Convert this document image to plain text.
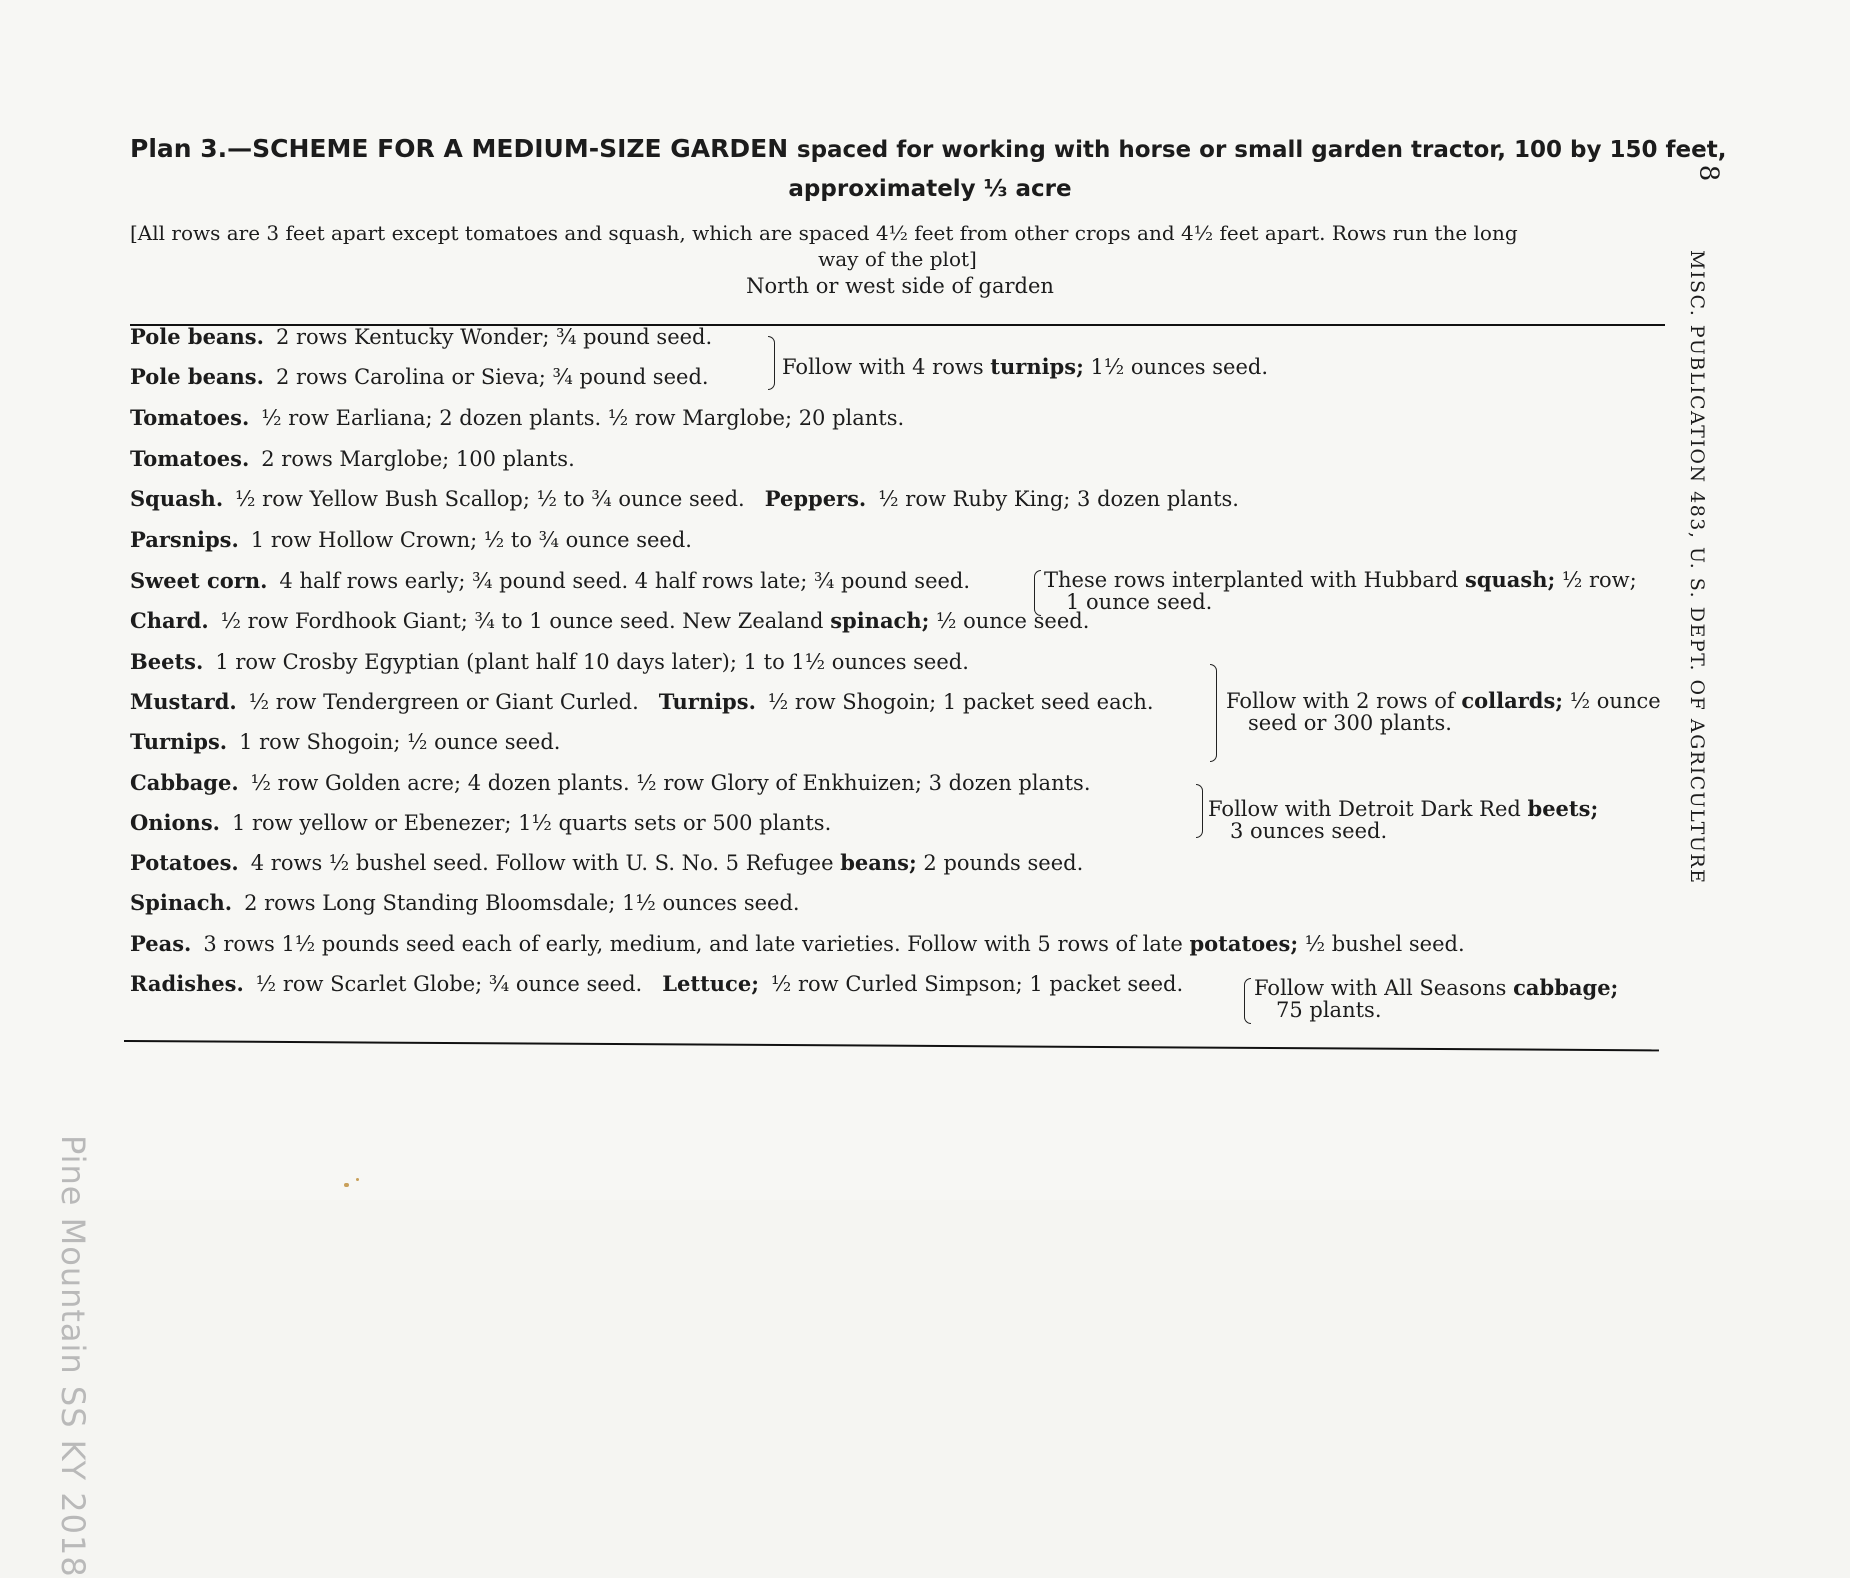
Plan 3.—SCHEME FOR A MEDIUM-SIZE GARDEN spaced for working with horse or small garden tractor, 100 by 150 feet,
approximately ⅓ acre
[All rows are 3 feet apart except tomatoes and squash, which are spaced 4½ feet from other crops and 4½ feet apart. Rows run the long
way of the plot]
North or west side of garden
Pole beans. 2 rows Kentucky Wonder; ¾ pound seed.
Pole beans. 2 rows Carolina or Sieva; ¾ pound seed.
Tomatoes. ½ row Earliana; 2 dozen plants. ½ row Marglobe; 20 plants.
Tomatoes. 2 rows Marglobe; 100 plants.
Squash. ½ row Yellow Bush Scallop; ½ to ¾ ounce seed. Peppers. ½ row Ruby King; 3 dozen plants.
Parsnips. 1 row Hollow Crown; ½ to ¾ ounce seed.
Sweet corn. 4 half rows early; ¾ pound seed. 4 half rows late; ¾ pound seed.
Chard. ½ row Fordhook Giant; ¾ to 1 ounce seed. New Zealand spinach; ½ ounce seed.
Beets. 1 row Crosby Egyptian (plant half 10 days later); 1 to 1½ ounces seed.
Mustard. ½ row Tendergreen or Giant Curled. Turnips. ½ row Shogoin; 1 packet seed each.
Turnips. 1 row Shogoin; ½ ounce seed.
Cabbage. ½ row Golden acre; 4 dozen plants. ½ row Glory of Enkhuizen; 3 dozen plants.
Onions. 1 row yellow or Ebenezer; 1½ quarts sets or 500 plants.
Potatoes. 4 rows ½ bushel seed. Follow with U. S. No. 5 Refugee beans; 2 pounds seed.
Spinach. 2 rows Long Standing Bloomsdale; 1½ ounces seed.
Peas. 3 rows 1½ pounds seed each of early, medium, and late varieties. Follow with 5 rows of late potatoes; ½ bushel seed.
Radishes. ½ row Scarlet Globe; ¾ ounce seed. Lettuce; ½ row Curled Simpson; 1 packet seed.
Follow with 4 rows turnips; 1½ ounces seed.
These rows interplanted with Hubbard squash; ½ row;
1 ounce seed.
Follow with 2 rows of collards; ½ ounce
seed or 300 plants.
Follow with Detroit Dark Red beets;
3 ounces seed.
Follow with All Seasons cabbage;
75 plants.
8
MISC. PUBLICATION 483, U. S. DEPT. OF AGRICULTURE
Pine Mountain SS KY 2018
